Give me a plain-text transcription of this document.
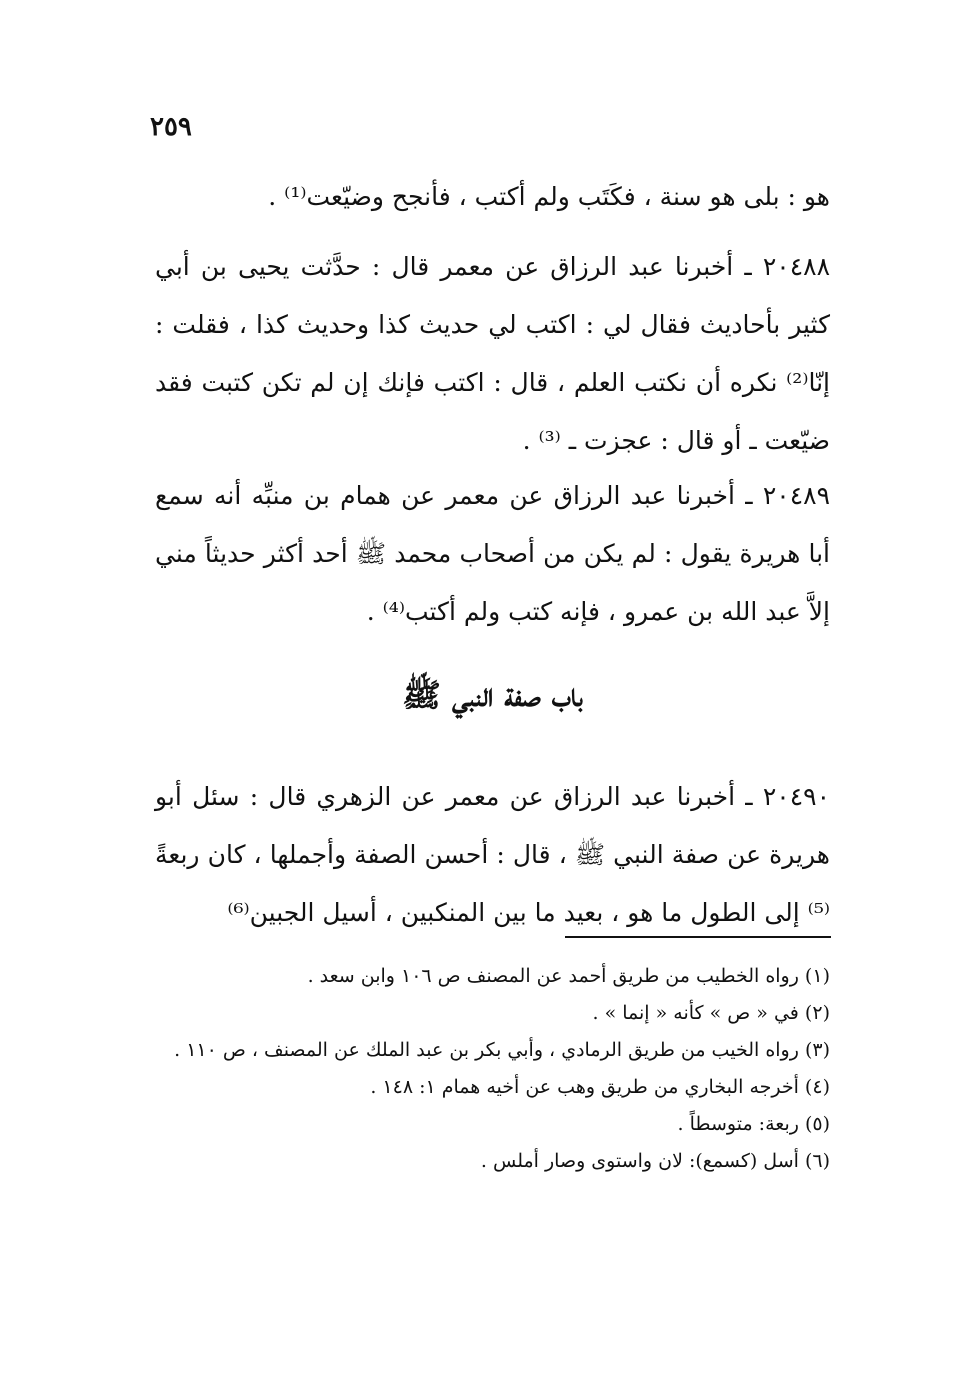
٢٥٩

هو : بلى هو سنة ، فكَتَب ولم أكتب ، فأنجح وضيّعت⁽¹⁾ .

٢٠٤٨٨ ـ أخبرنا عبد الرزاق عن معمر قال : حدَّثت يحيى بن أبي كثير بأحاديث فقال لي : اكتب لي حديث كذا وحديث كذا ، فقلت : إنّا⁽²⁾ نكره أن نكتب العلم ، قال : اكتب فإنك إن لم تكن كتبت فقد ضيّعت ـ أو قال : عجزت ـ ⁽³⁾ .

٢٠٤٨٩ ـ أخبرنا عبد الرزاق عن معمر عن همام بن منبِّه أنه سمع أبا هريرة يقول : لم يكن من أصحاب محمد ﷺ أحد أكثر حديثاً مني إلاَّ عبد الله بن عمرو ، فإنه كتب ولم أكتب⁽⁴⁾ .

باب صفة النبي ﷺ

٢٠٤٩٠ ـ أخبرنا عبد الرزاق عن معمر عن الزهري قال : سئل أبو هريرة عن صفة النبي ﷺ ، قال : أحسن الصفة وأجملها ، كان ربعةً ⁽⁵⁾ إلى الطول ما هو ، بعيد ما بين المنكبين ، أسيل الجبين⁽⁶⁾

(١) رواه الخطيب من طريق أحمد عن المصنف ص ١٠٦ وابن سعد .

(٢) في « ص » كأنه « إنما » .

(٣) رواه الخيب من طريق الرمادي ، وأبي بكر بن عبد الملك عن المصنف ، ص ١١٠ .

(٤) أخرجه البخاري من طريق وهب عن أخيه همام ١: ١٤٨ .

(٥) ربعة: متوسطاً .

(٦) أسل (كسمع): لان واستوى وصار أملس .
